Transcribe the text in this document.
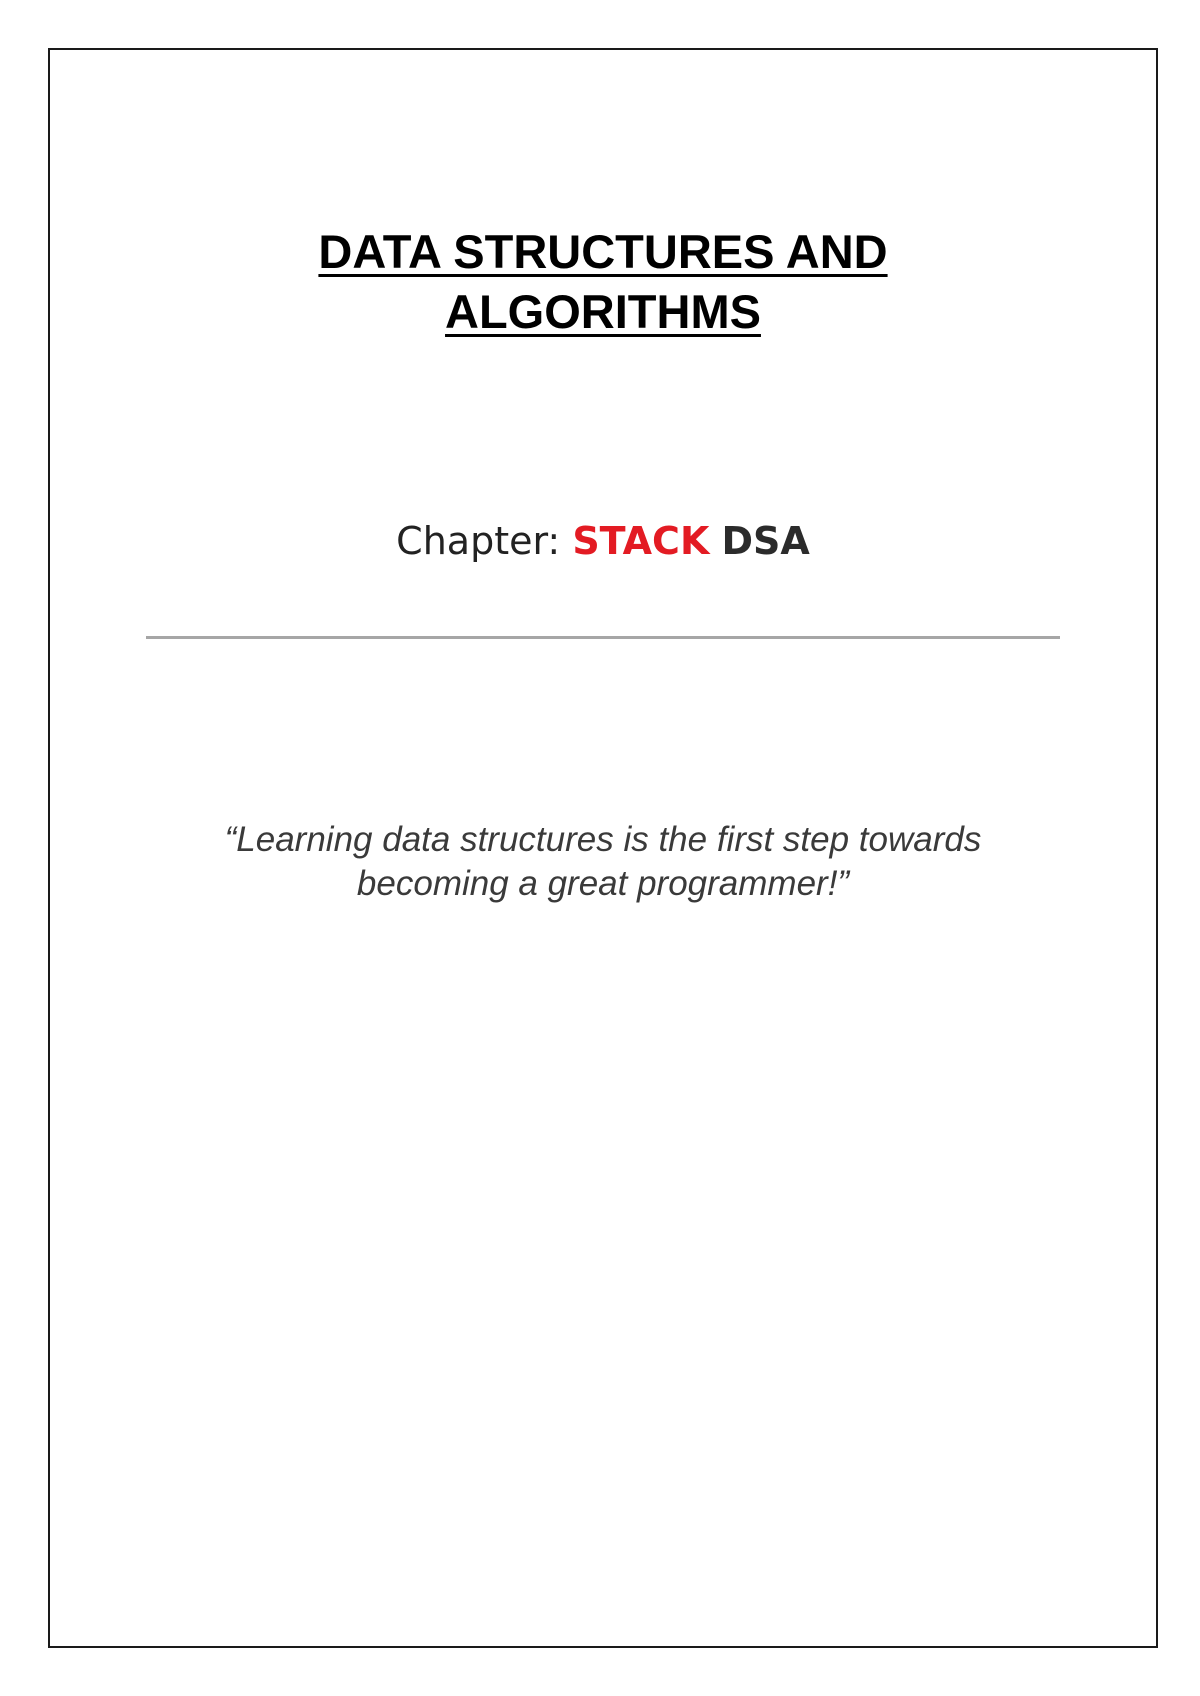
DATA STRUCTURES AND
ALGORITHMS
Chapter: STACK DSA
“Learning data structures is the first step towards
becoming a great programmer!”
